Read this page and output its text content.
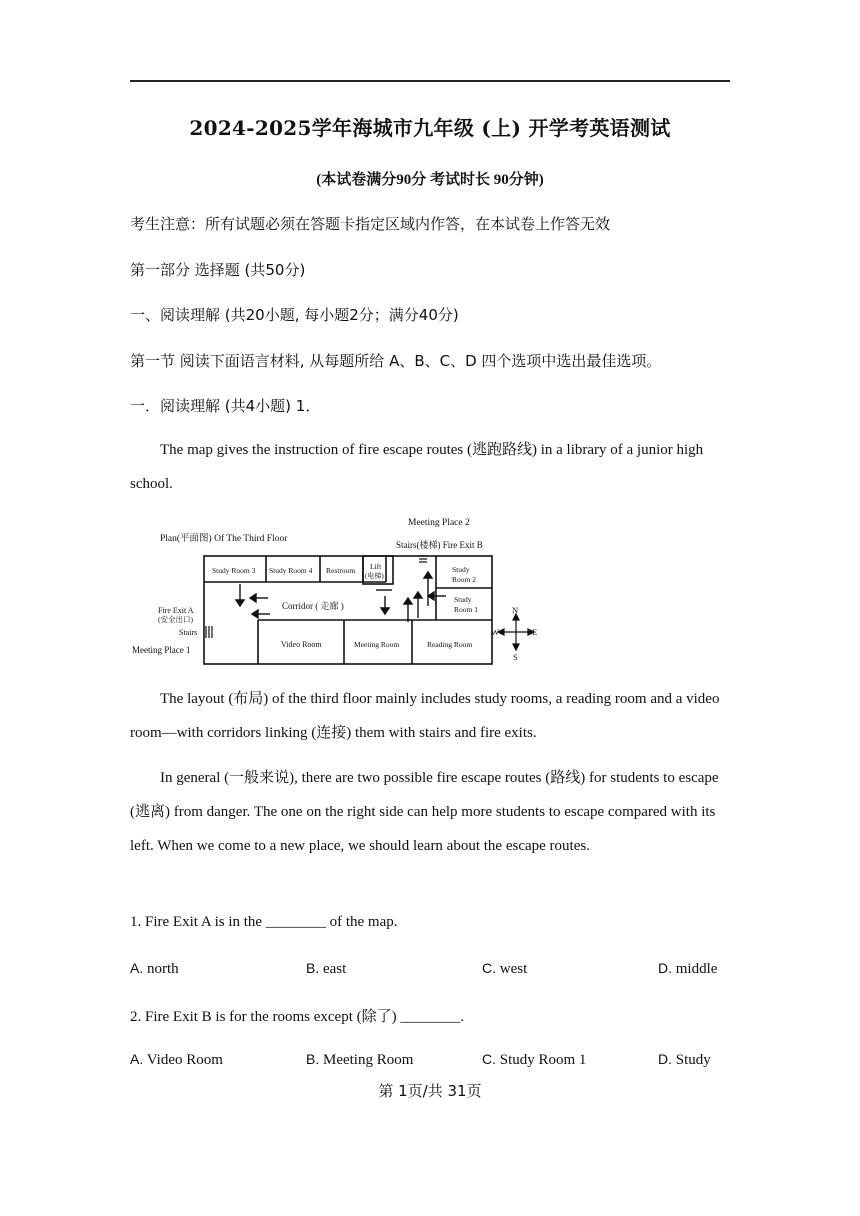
2024-2025学年海城市九年级 (上) 开学考英语测试
(本试卷满分90分 考试时长 90分钟)
考生注意：所有试题必须在答题卡指定区域内作答，在本试卷上作答无效
第一部分 选择题 (共50分)
一、阅读理解 (共20小题, 每小题2分；满分40分)
第一节 阅读下面语言材料, 从每题所给 A、B、C、D 四个选项中选出最佳选项。
一．阅读理解 (共4小题) 1．
The map gives the instruction of fire escape routes (逃跑路线) in a library of a junior high school.
Meeting Place 2
Stairs(楼梯) Fire Exit B
Plan(平面图) Of The Third Floor
Study Room 3 Study Room 4 Restroom Lift
(电梯)
Study
Room 2
Study
Room 1
Corridor ( 走廊 )
Fire Exit A
(安全出口)
Stairs
Meeting Place 1
Video Room	Meeting Room	Reading Room
N
S
W	E
The layout (布局) of the third floor mainly includes study rooms, a reading room and a video room—with corridors linking (连接) them with stairs and fire exits.
In general (一般来说), there are two possible fire escape routes (路线) for students to escape (逃离) from danger. The one on the right side can help more students to escape compared with its left. When we come to a new place, we should learn about the escape routes.
1. Fire Exit A is in the ________ of the map.
A. north	B. east	C. west	D. middle
2. Fire Exit B is for the rooms except (除了) ________.
A. Video Room	B. Meeting Room	C. Study Room 1	D. Study
第 1页/共 31页
